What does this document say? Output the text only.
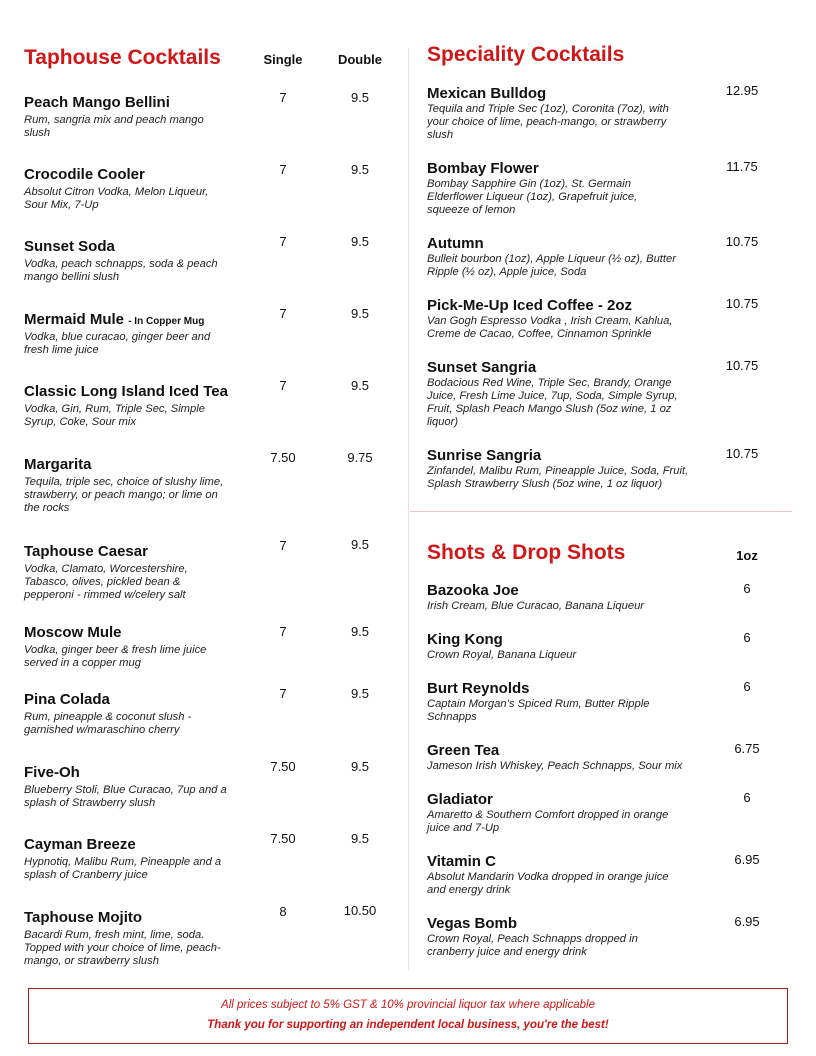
Taphouse Cocktails	Single	Double
Peach Mango Bellini
Rum, sangria mix and peach mango slush
7	9.5
Crocodile Cooler
Absolut Citron Vodka, Melon Liqueur, Sour Mix, 7-Up
7	9.5
Sunset Soda
Vodka, peach schnapps, soda & peach mango bellini slush
7	9.5
Mermaid Mule - In Copper Mug
Vodka, blue curacao, ginger beer and fresh lime juice
7	9.5
Classic Long Island Iced Tea
Vodka, Gin, Rum, Triple Sec, Simple Syrup, Coke, Sour mix
7	9.5
Margarita
Tequila, triple sec, choice of slushy lime, strawberry, or peach mango; or lime on the rocks
7.50	9.75
Taphouse Caesar
Vodka, Clamato, Worcestershire, Tabasco, olives, pickled bean & pepperoni - rimmed w/celery salt
7	9.5
Moscow Mule
Vodka, ginger beer & fresh lime juice served in a copper mug
7	9.5
Pina Colada
Rum, pineapple & coconut slush - garnished w/maraschino cherry
7	9.5
Five-Oh
Blueberry Stoli, Blue Curacao, 7up and a splash of Strawberry slush
7.50	9.5
Cayman Breeze
Hypnotiq, Malibu Rum, Pineapple and a splash of Cranberry juice
7.50	9.5
Taphouse Mojito
Bacardi Rum, fresh mint, lime, soda. Topped with your choice of lime, peach-mango, or strawberry slush
8	10.50
Speciality Cocktails
Mexican Bulldog
Tequila and Triple Sec (1oz), Coronita (7oz), with your choice of lime, peach-mango, or strawberry slush
12.95
Bombay Flower
Bombay Sapphire Gin (1oz), St. Germain Elderflower Liqueur (1oz), Grapefruit juice, squeeze of lemon
11.75
Autumn
Bulleit bourbon (1oz), Apple Liqueur (½ oz), Butter Ripple (½ oz), Apple juice, Soda
10.75
Pick-Me-Up Iced Coffee - 2oz
Van Gogh Espresso Vodka , Irish Cream, Kahlua, Creme de Cacao, Coffee, Cinnamon Sprinkle
10.75
Sunset Sangria
Bodacious Red Wine, Triple Sec, Brandy, Orange Juice, Fresh Lime Juice, 7up, Soda, Simple Syrup, Fruit, Splash Peach Mango Slush (5oz wine, 1 oz liquor)
10.75
Sunrise Sangria
Zinfandel, Malibu Rum, Pineapple Juice, Soda, Fruit, Splash Strawberry Slush (5oz wine, 1 oz liquor)
10.75
Shots & Drop Shots	1oz
Bazooka Joe
Irish Cream, Blue Curacao, Banana Liqueur
6
King Kong
Crown Royal, Banana Liqueur
6
Burt Reynolds
Captain Morgan’s Spiced Rum, Butter Ripple Schnapps
6
Green Tea
Jameson Irish Whiskey, Peach Schnapps, Sour mix
6.75
Gladiator
Amaretto & Southern Comfort dropped in orange juice and 7-Up
6
Vitamin C
Absolut Mandarin Vodka dropped in orange juice and energy drink
6.95
Vegas Bomb
Crown Royal, Peach Schnapps dropped in cranberry juice and energy drink
6.95
All prices subject to 5% GST & 10% provincial liquor tax where applicable
Thank you for supporting an independent local business, you're the best!
